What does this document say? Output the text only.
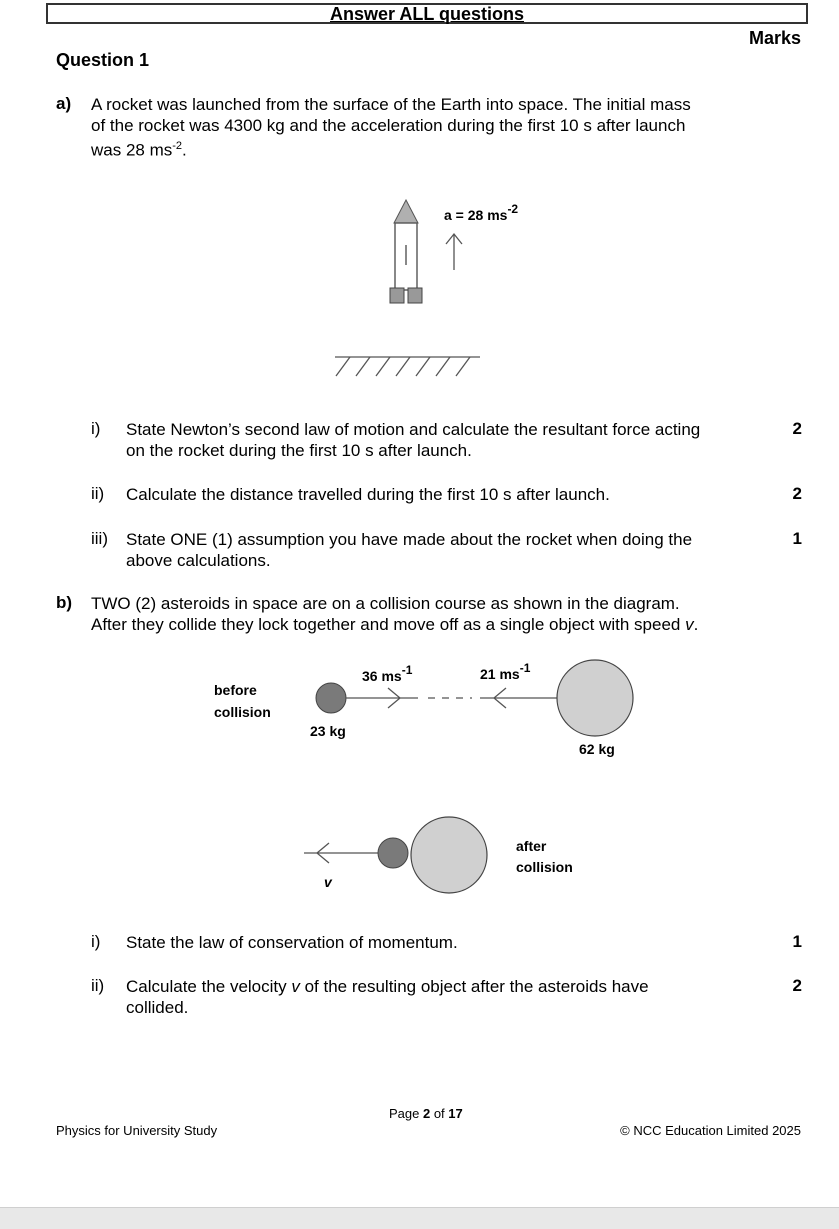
Answer ALL questions
Marks
Question 1
a) A rocket was launched from the surface of the Earth into space. The initial mass
of the rocket was 4300 kg and the acceleration during the first 10 s after launch
was 28 $ms^{-2}$.
a = 28 ms-2
i) State Newton’s second law of motion and calculate the resultant force acting
on the rocket during the first 10 s after launch.
2
ii) Calculate the distance travelled during the first 10 s after launch.	2
iii) State ONE (1) assumption you have made about the rocket when doing the
above calculations.
1
b) TWO (2) asteroids in space are on a collision course as shown in the diagram.
After they collide they lock together and move off as a single object with speed v.
before
collision
36 ms-1	21 ms-1
23 kg
62 kg
v
after
collision
i) State the law of conservation of momentum.	1
ii) Calculate the velocity v of the resulting object after the asteroids have
collided.
2
Page 2 of 17
Physics for University Study	© NCC Education Limited 2025
